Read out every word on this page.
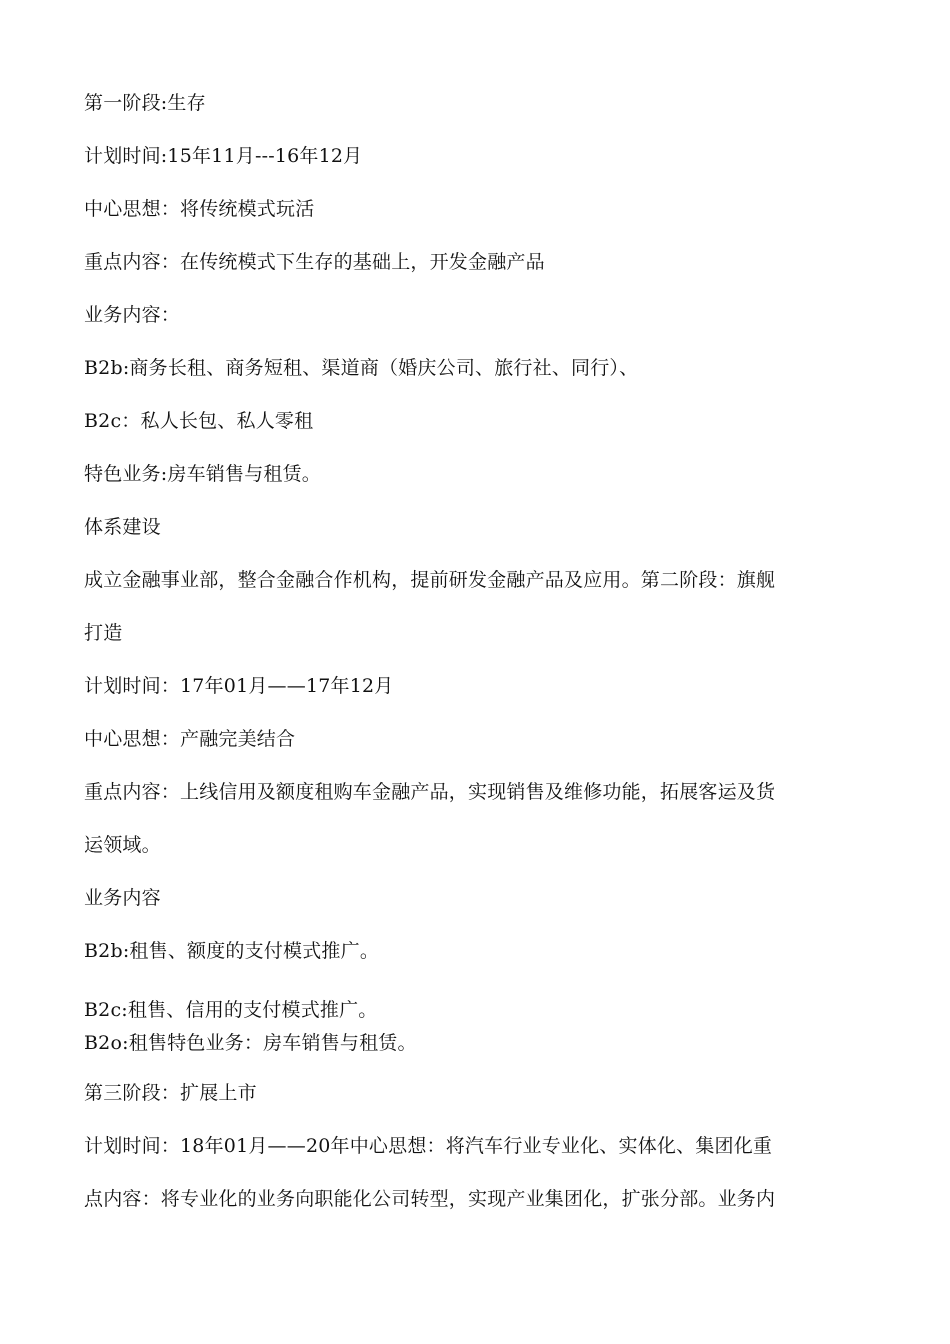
第一阶段:生存
计划时间:15年11月---16年12月
中心思想：将传统模式玩活
重点内容：在传统模式下生存的基础上，开发金融产品
业务内容：
B2b:商务长租、商务短租、渠道商（婚庆公司、旅行社、同行）、
B2c：私人长包、私人零租
特色业务:房车销售与租赁。
体系建设
成立金融事业部，整合金融合作机构，提前研发金融产品及应用。第二阶段：旗舰
打造
计划时间：17年01月——17年12月
中心思想：产融完美结合
重点内容：上线信用及额度租购车金融产品，实现销售及维修功能，拓展客运及货
运领域。
业务内容
B2b:租售、额度的支付模式推广。
B2c:租售、信用的支付模式推广。
B2o:租售特色业务：房车销售与租赁。
第三阶段：扩展上市
计划时间：18年01月——20年中心思想：将汽车行业专业化、实体化、集团化重
点内容：将专业化的业务向职能化公司转型，实现产业集团化，扩张分部。业务内
